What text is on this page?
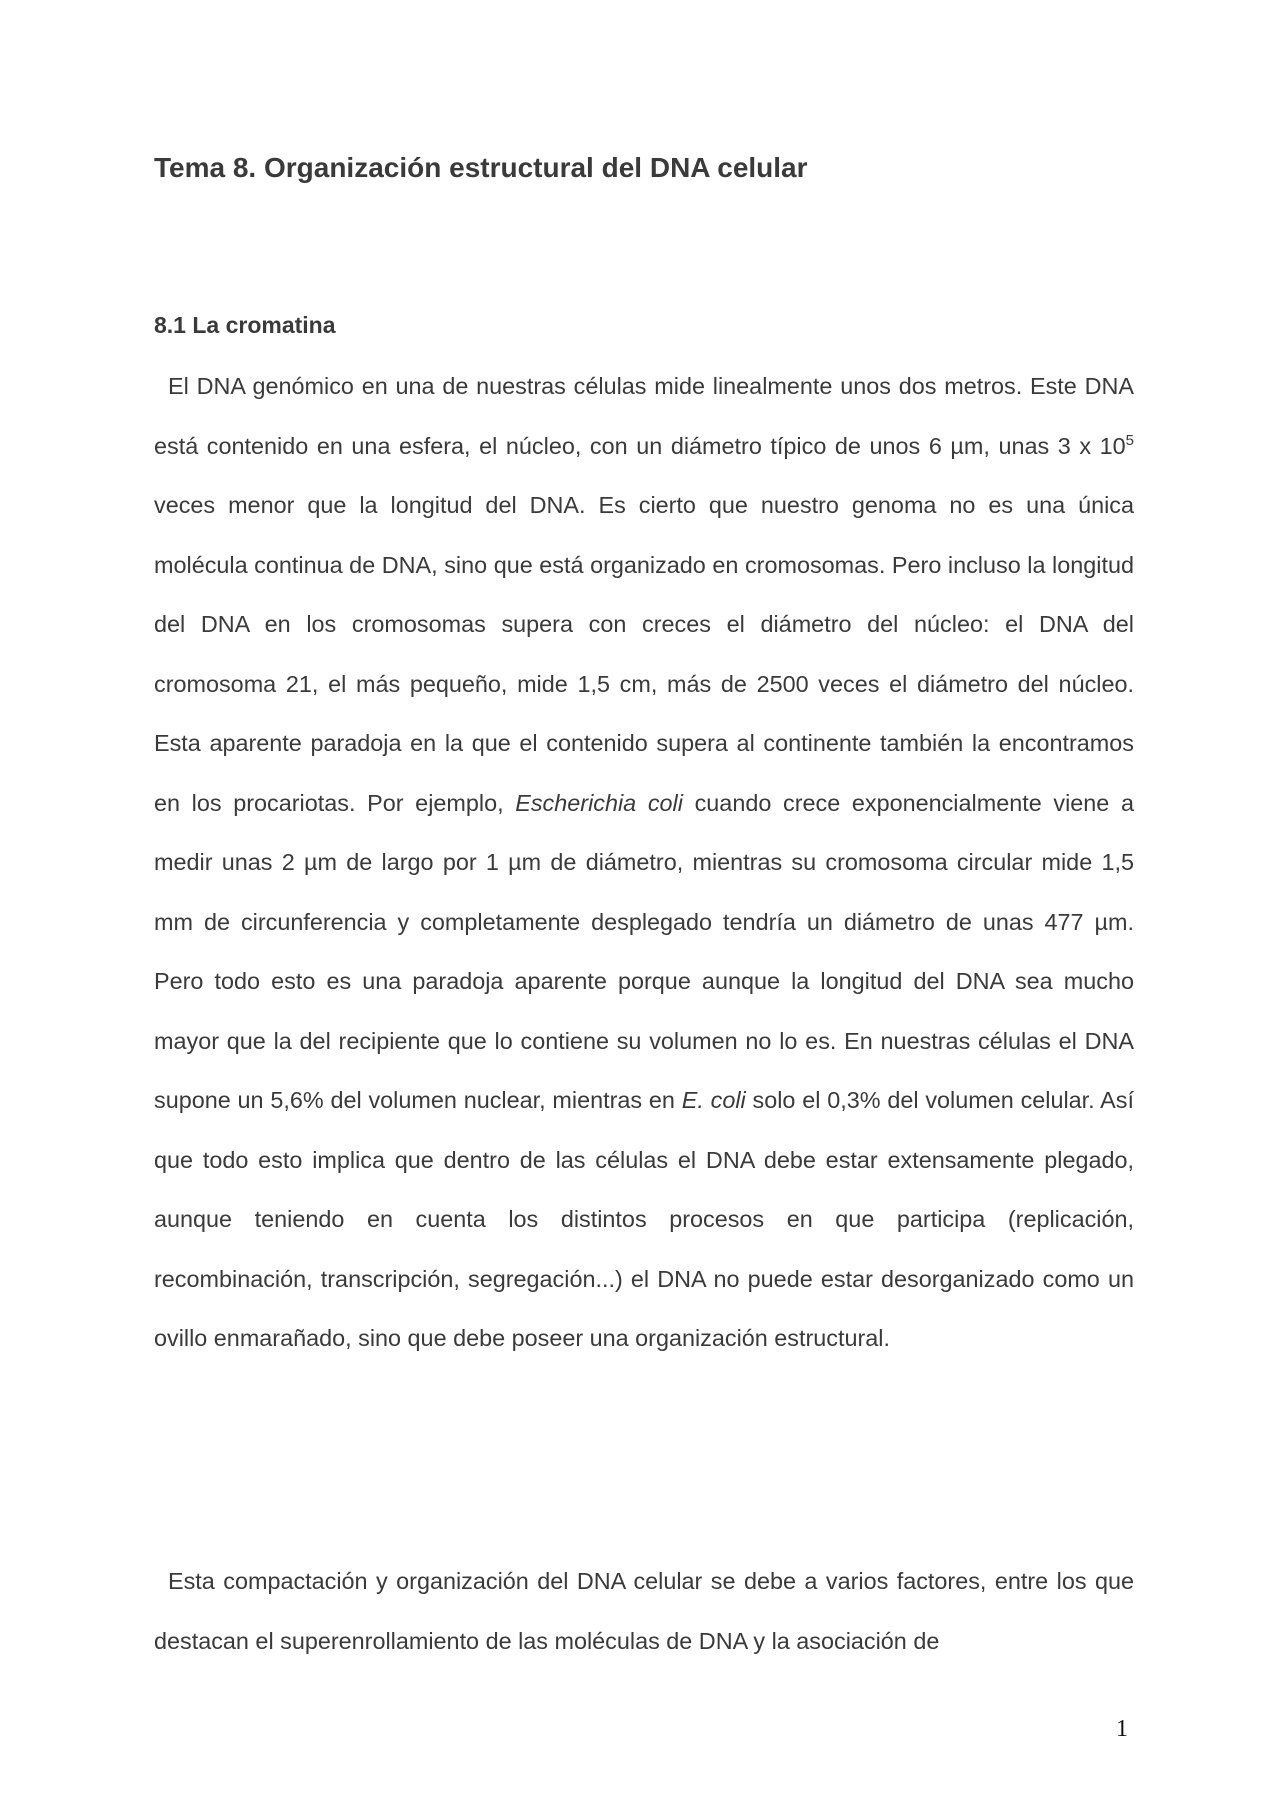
Tema 8. Organización estructural del DNA celular
8.1 La cromatina

El DNA genómico en una de nuestras células mide linealmente unos dos metros. Este DNA está contenido en una esfera, el núcleo, con un diámetro típico de unos 6 µm, unas 3 x $10^5$ veces menor que la longitud del DNA. Es cierto que nuestro genoma no es una única molécula continua de DNA, sino que está organizado en cromosomas. Pero incluso la longitud del DNA en los cromosomas supera con creces el diámetro del núcleo: el DNA del cromosoma 21, el más pequeño, mide 1,5 cm, más de 2500 veces el diámetro del núcleo. Esta aparente paradoja en la que el contenido supera al continente también la encontramos en los procariotas. Por ejemplo, Escherichia coli cuando crece exponencialmente viene a medir unas 2 µm de largo por 1 µm de diámetro, mientras su cromosoma circular mide 1,5 mm de circunferencia y completamente desplegado tendría un diámetro de unas 477 µm. Pero todo esto es una paradoja aparente porque aunque la longitud del DNA sea mucho mayor que la del recipiente que lo contiene su volumen no lo es. En nuestras células el DNA supone un 5,6% del volumen nuclear, mientras en E. coli solo el 0,3% del volumen celular. Así que todo esto implica que dentro de las células el DNA debe estar extensamente plegado, aunque teniendo en cuenta los distintos procesos en que participa (replicación, recombinación, transcripción, segregación...) el DNA no puede estar desorganizado como un ovillo enmarañado, sino que debe poseer una organización estructural.

Esta compactación y organización del DNA celular se debe a varios factores, entre los que destacan el superenrollamiento de las moléculas de DNA y la asociación de

1
